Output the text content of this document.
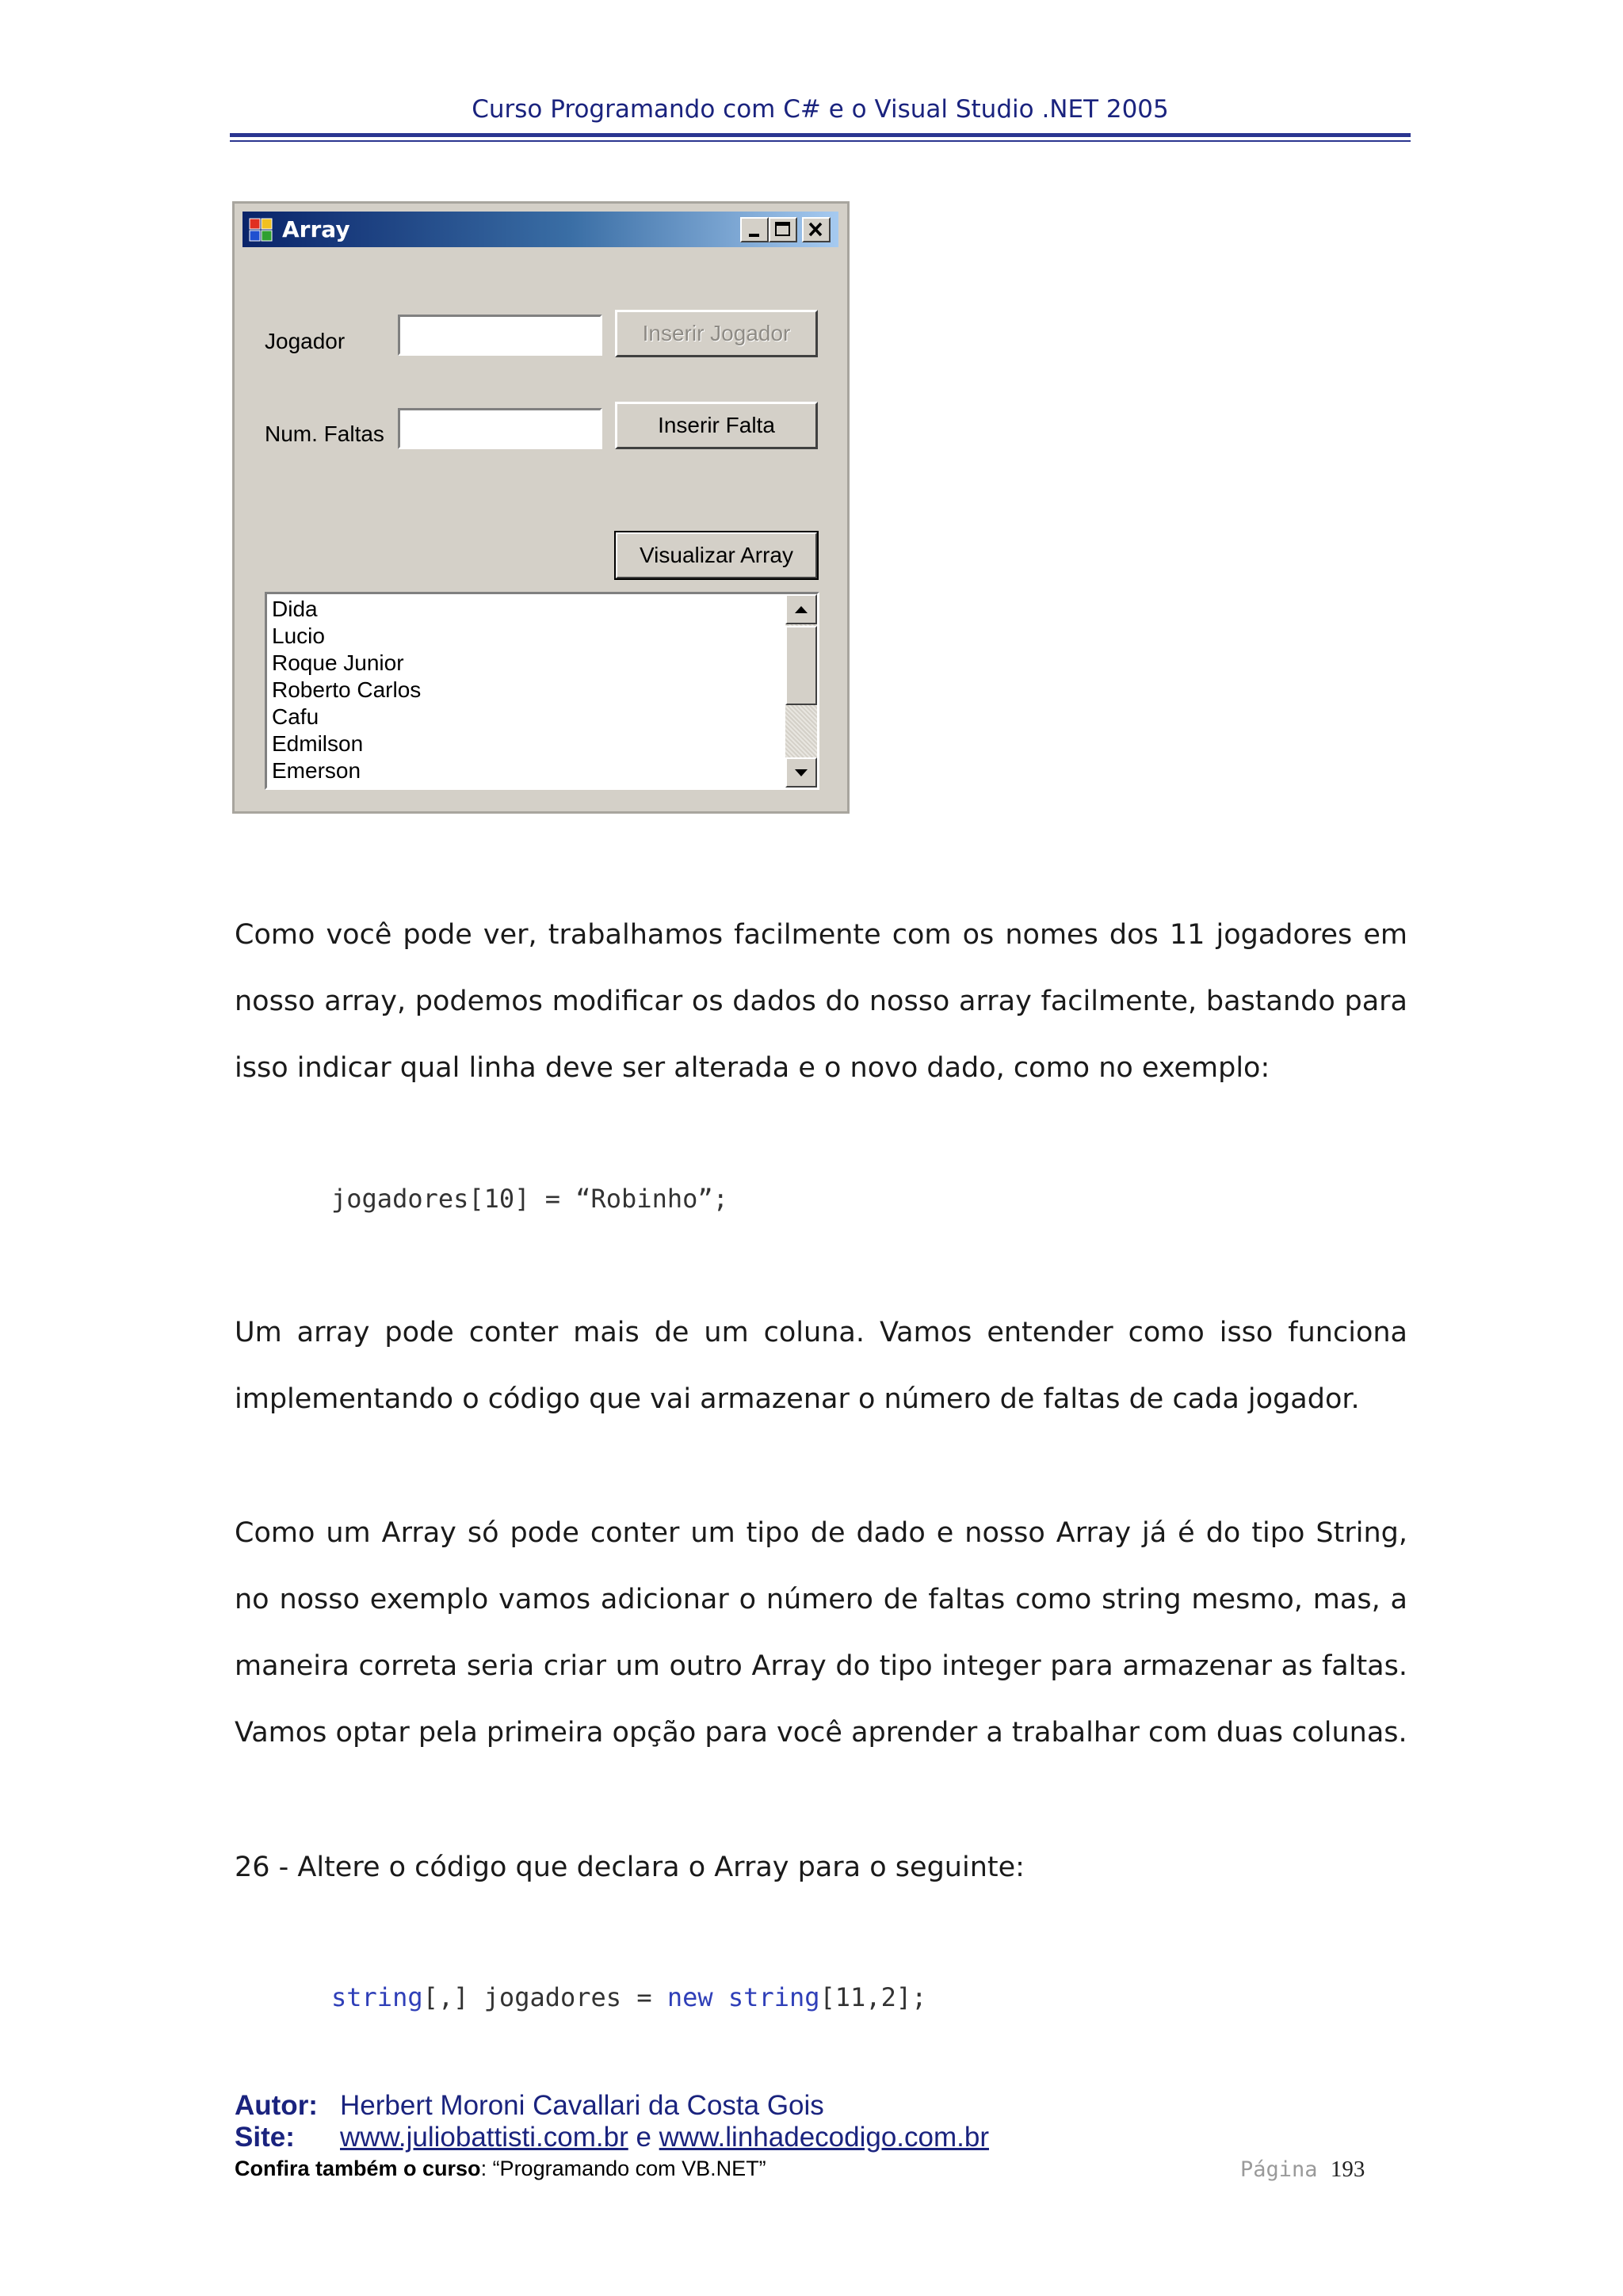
Curso Programando com C# e o Visual Studio .NET 2005
Array
Jogador	Inserir Jogador
Num. Faltas	Inserir Falta
Visualizar Array
Dida
Lucio
Roque Junior
Roberto Carlos
Cafu
Edmilson
Emerson

Como você pode ver, trabalhamos facilmente com os nomes dos 11 jogadores em nosso array, podemos modificar os dados do nosso array facilmente, bastando para isso indicar qual linha deve ser alterada e o novo dado, como no exemplo:

jogadores[10] = “Robinho”;

Um array pode conter mais de um coluna. Vamos entender como isso funciona implementando o código que vai armazenar o número de faltas de cada jogador.

Como um Array só pode conter um tipo de dado e nosso Array já é do tipo String, no nosso exemplo vamos adicionar o número de faltas como string mesmo, mas, a maneira correta seria criar um outro Array do tipo integer para armazenar as faltas. Vamos optar pela primeira opção para você aprender a trabalhar com duas colunas.

26 - Altere o código que declara o Array para o seguinte:

string[,] jogadores = new string[11,2];
Autor: Herbert Moroni Cavallari da Costa Gois
Site: www.juliobattisti.com.br e www.linhadecodigo.com.br
Confira também o curso: “Programando com VB.NET”	Página 193
